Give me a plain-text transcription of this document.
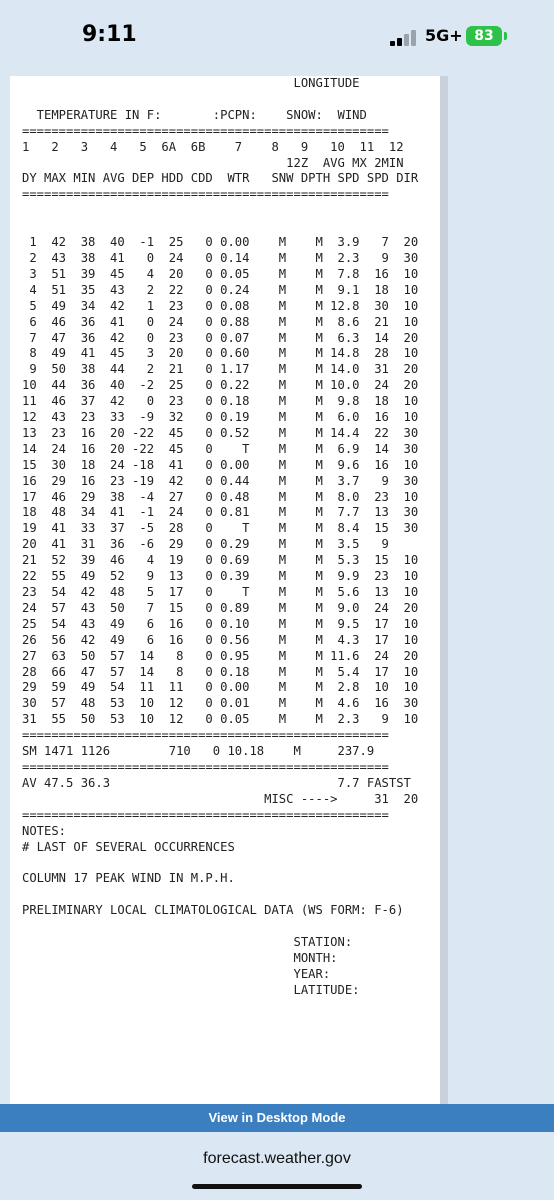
9:11	5G+ 83
LONGITUDE

TEMPERATURE IN F:       :PCPN:    SNOW:  WIND
==================================================
1   2   3   4   5  6A  6B    7    8   9   10  11  12
12Z  AVG MX 2MIN
DY MAX MIN AVG DEP HDD CDD  WTR   SNW DPTH SPD SPD DIR
==================================================

1  42  38  40  -1  25   0 0.00    M    M  3.9   7  20
2  43  38  41   0  24   0 0.14    M    M  2.3   9  30
3  51  39  45   4  20   0 0.05    M    M  7.8  16  10
4  51  35  43   2  22   0 0.24    M    M  9.1  18  10
5  49  34  42   1  23   0 0.08    M    M 12.8  30  10
6  46  36  41   0  24   0 0.88    M    M  8.6  21  10
7  47  36  42   0  23   0 0.07    M    M  6.3  14  20
8  49  41  45   3  20   0 0.60    M    M 14.8  28  10
9  50  38  44   2  21   0 1.17    M    M 14.0  31  20
10  44  36  40  -2  25   0 0.22    M    M 10.0  24  20
11  46  37  42   0  23   0 0.18    M    M  9.8  18  10
12  43  23  33  -9  32   0 0.19    M    M  6.0  16  10
13  23  16  20 -22  45   0 0.52    M    M 14.4  22  30
14  24  16  20 -22  45   0    T    M    M  6.9  14  30
15  30  18  24 -18  41   0 0.00    M    M  9.6  16  10
16  29  16  23 -19  42   0 0.44    M    M  3.7   9  30
17  46  29  38  -4  27   0 0.48    M    M  8.0  23  10
18  48  34  41  -1  24   0 0.81    M    M  7.7  13  30
19  41  33  37  -5  28   0    T    M    M  8.4  15  30
20  41  31  36  -6  29   0 0.29    M    M  3.5   9
21  52  39  46   4  19   0 0.69    M    M  5.3  15  10
22  55  49  52   9  13   0 0.39    M    M  9.9  23  10
23  54  42  48   5  17   0    T    M    M  5.6  13  10
24  57  43  50   7  15   0 0.89    M    M  9.0  24  20
25  54  43  49   6  16   0 0.10    M    M  9.5  17  10
26  56  42  49   6  16   0 0.56    M    M  4.3  17  10
27  63  50  57  14   8   0 0.95    M    M 11.6  24  20
28  66  47  57  14   8   0 0.18    M    M  5.4  17  10
29  59  49  54  11  11   0 0.00    M    M  2.8  10  10
30  57  48  53  10  12   0 0.01    M    M  4.6  16  30
31  55  50  53  10  12   0 0.05    M    M  2.3   9  10
==================================================
SM 1471 1126        710   0 10.18    M     237.9
==================================================
AV 47.5 36.3                               7.7 FASTST
MISC ---->     31  20
==================================================
NOTES:
# LAST OF SEVERAL OCCURRENCES

COLUMN 17 PEAK WIND IN M.P.H.

PRELIMINARY LOCAL CLIMATOLOGICAL DATA (WS FORM: F-6)

STATION:
MONTH:
YEAR:
LATITUDE:
View in Desktop Mode
forecast.weather.gov
